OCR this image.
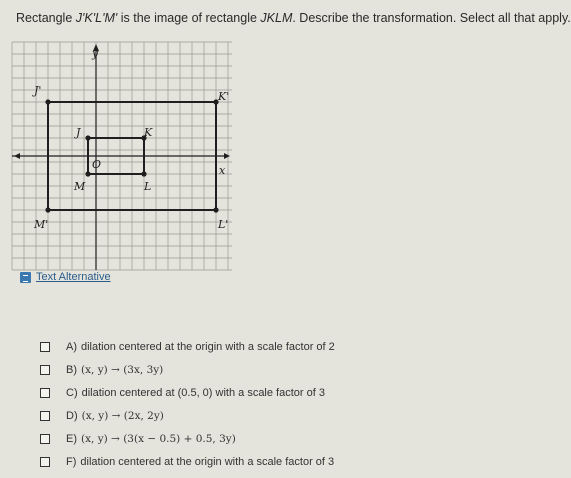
Rectangle J'K'L'M' is the image of rectangle JKLM. Describe the transformation. Select all that apply.
y
x
O
J'	K'
L'
M'
J	K
L
M
Text Alternative
A) dilation centered at the origin with a scale factor of 2
B) (x, y) → (3x, 3y)
C) dilation centered at (0.5, 0) with a scale factor of 3
D) (x, y) → (2x, 2y)
E) (x, y) → (3(x − 0.5) + 0.5, 3y)
F) dilation centered at the origin with a scale factor of 3
